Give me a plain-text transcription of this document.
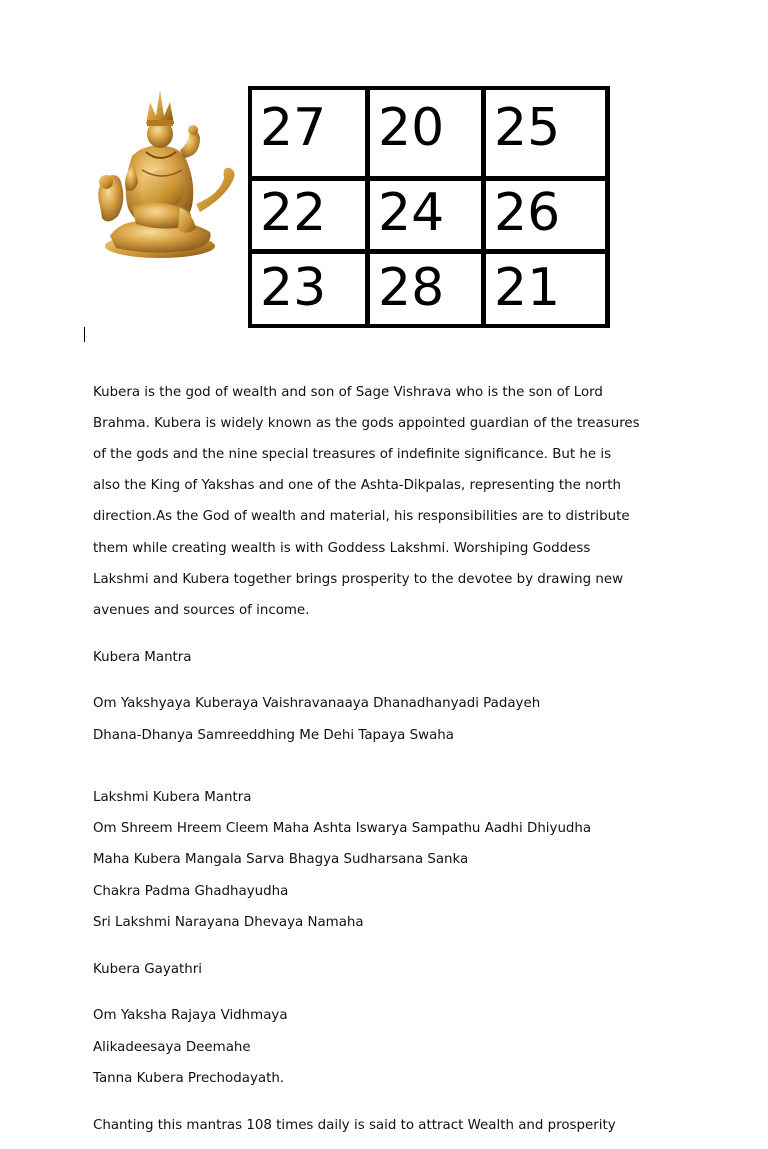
27 20 25
22 24 26
23 28 21

Kubera is the god of wealth and son of Sage Vishrava who is the son of Lord

Brahma. Kubera is widely known as the gods appointed guardian of the treasures

of the gods and the nine special treasures of indefinite significance. But he is

also the King of Yakshas and one of the Ashta-Dikpalas, representing the north

direction.As the God of wealth and material, his responsibilities are to distribute

them while creating wealth is with Goddess Lakshmi. Worshiping Goddess

Lakshmi and Kubera together brings prosperity to the devotee by drawing new

avenues and sources of income.

Kubera Mantra

Om Yakshyaya Kuberaya Vaishravanaaya Dhanadhanyadi Padayeh

Dhana-Dhanya Samreeddhing Me Dehi Tapaya Swaha

Lakshmi Kubera Mantra

Om Shreem Hreem Cleem Maha Ashta Iswarya Sampathu Aadhi Dhiyudha

Maha Kubera Mangala Sarva Bhagya Sudharsana Sanka

Chakra Padma Ghadhayudha

Sri Lakshmi Narayana Dhevaya Namaha

Kubera Gayathri

Om Yaksha Rajaya Vidhmaya

Alikadeesaya Deemahe

Tanna Kubera Prechodayath.

Chanting this mantras 108 times daily is said to attract Wealth and prosperity
